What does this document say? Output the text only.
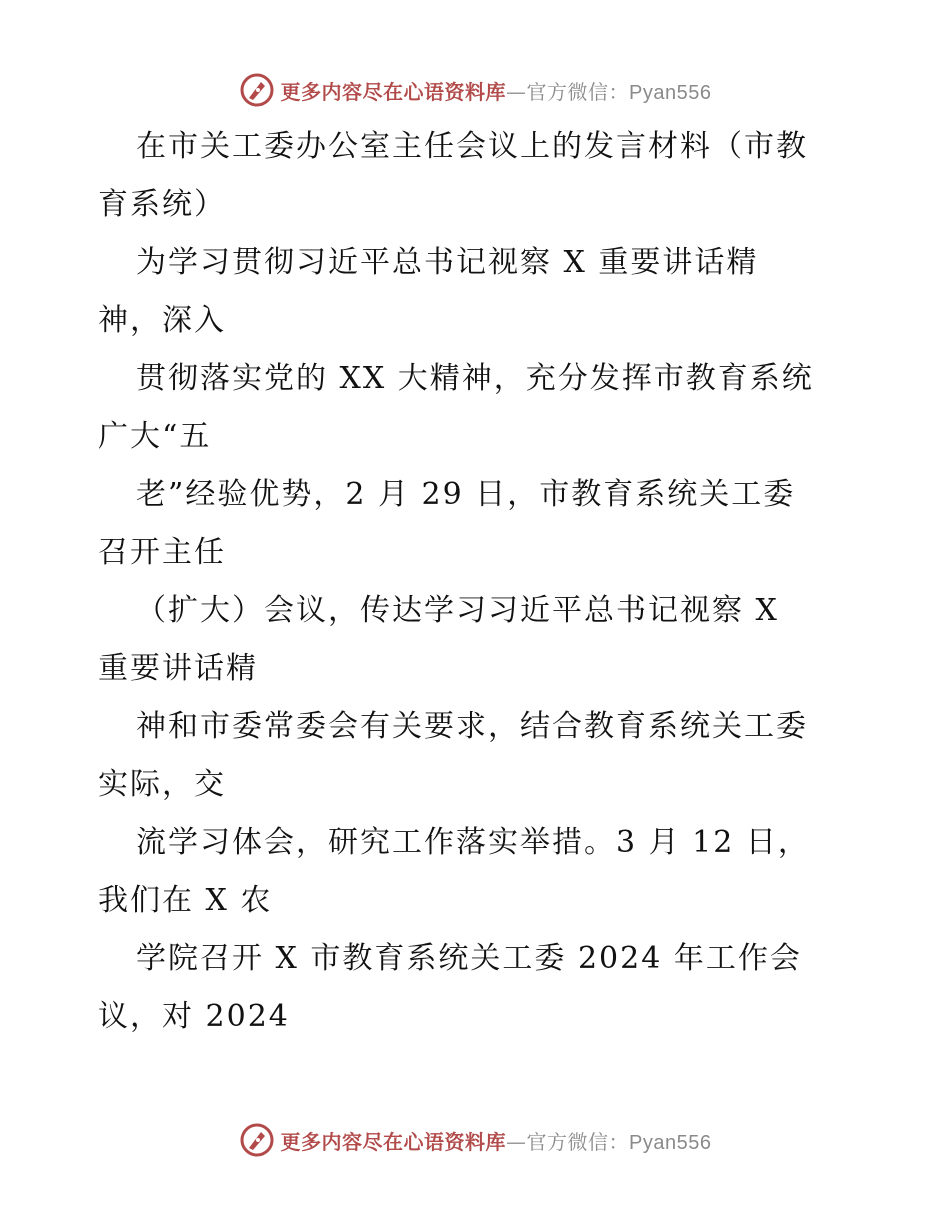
更多内容尽在心语资料库—官方微信：Pyan556
在市关工委办公室主任会议上的发言材料（市教
育系统）
为学习贯彻习近平总书记视察 X 重要讲话精
神，深入
贯彻落实党的 XX 大精神，充分发挥市教育系统
广大“五
老”经验优势，2 月 29 日，市教育系统关工委
召开主任
（扩大）会议，传达学习习近平总书记视察 X
重要讲话精
神和市委常委会有关要求，结合教育系统关工委
实际，交
流学习体会，研究工作落实举措。3 月 12 日，
我们在 X 农
学院召开 X 市教育系统关工委 2024 年工作会
议，对 2024
更多内容尽在心语资料库—官方微信：Pyan556
